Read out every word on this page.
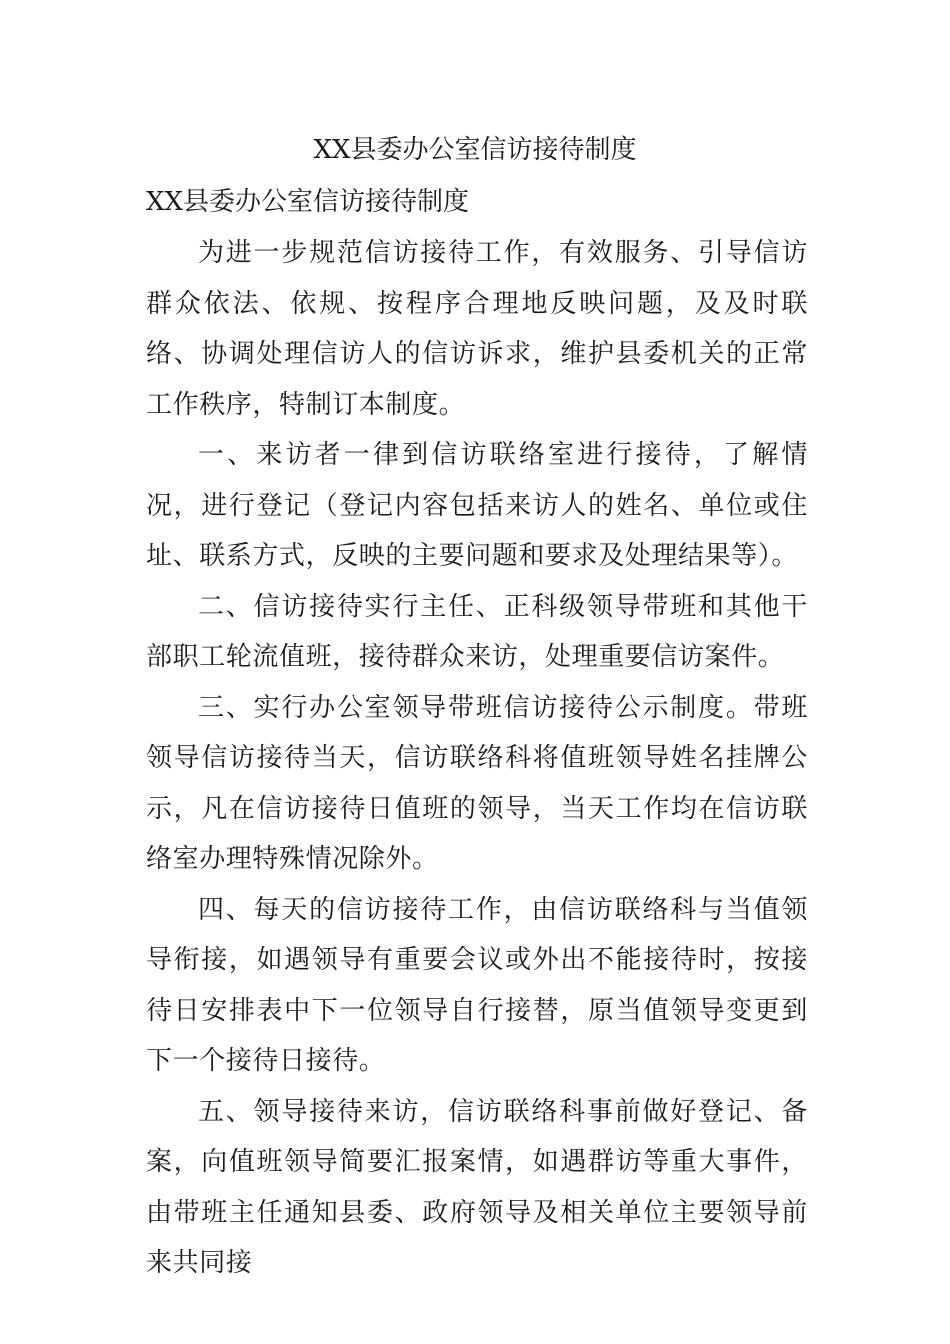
XX县委办公室信访接待制度
XX县委办公室信访接待制度

为进一步规范信访接待工作，有效服务、引导信访群众依法、依规、按程序合理地反映问题，及及时联络、协调处理信访人的信访诉求，维护县委机关的正常工作秩序，特制订本制度。

一、来访者一律到信访联络室进行接待，了解情况，进行登记（登记内容包括来访人的姓名、单位或住址、联系方式，反映的主要问题和要求及处理结果等）。

二、信访接待实行主任、正科级领导带班和其他干部职工轮流值班，接待群众来访，处理重要信访案件。

三、实行办公室领导带班信访接待公示制度。带班领导信访接待当天，信访联络科将值班领导姓名挂牌公示，凡在信访接待日值班的领导，当天工作均在信访联络室办理特殊情况除外。

四、每天的信访接待工作，由信访联络科与当值领导衔接，如遇领导有重要会议或外出不能接待时，按接待日安排表中下一位领导自行接替，原当值领导变更到下一个接待日接待。

五、领导接待来访，信访联络科事前做好登记、备案，向值班领导简要汇报案情，如遇群访等重大事件，由带班主任通知县委、政府领导及相关单位主要领导前来共同接
